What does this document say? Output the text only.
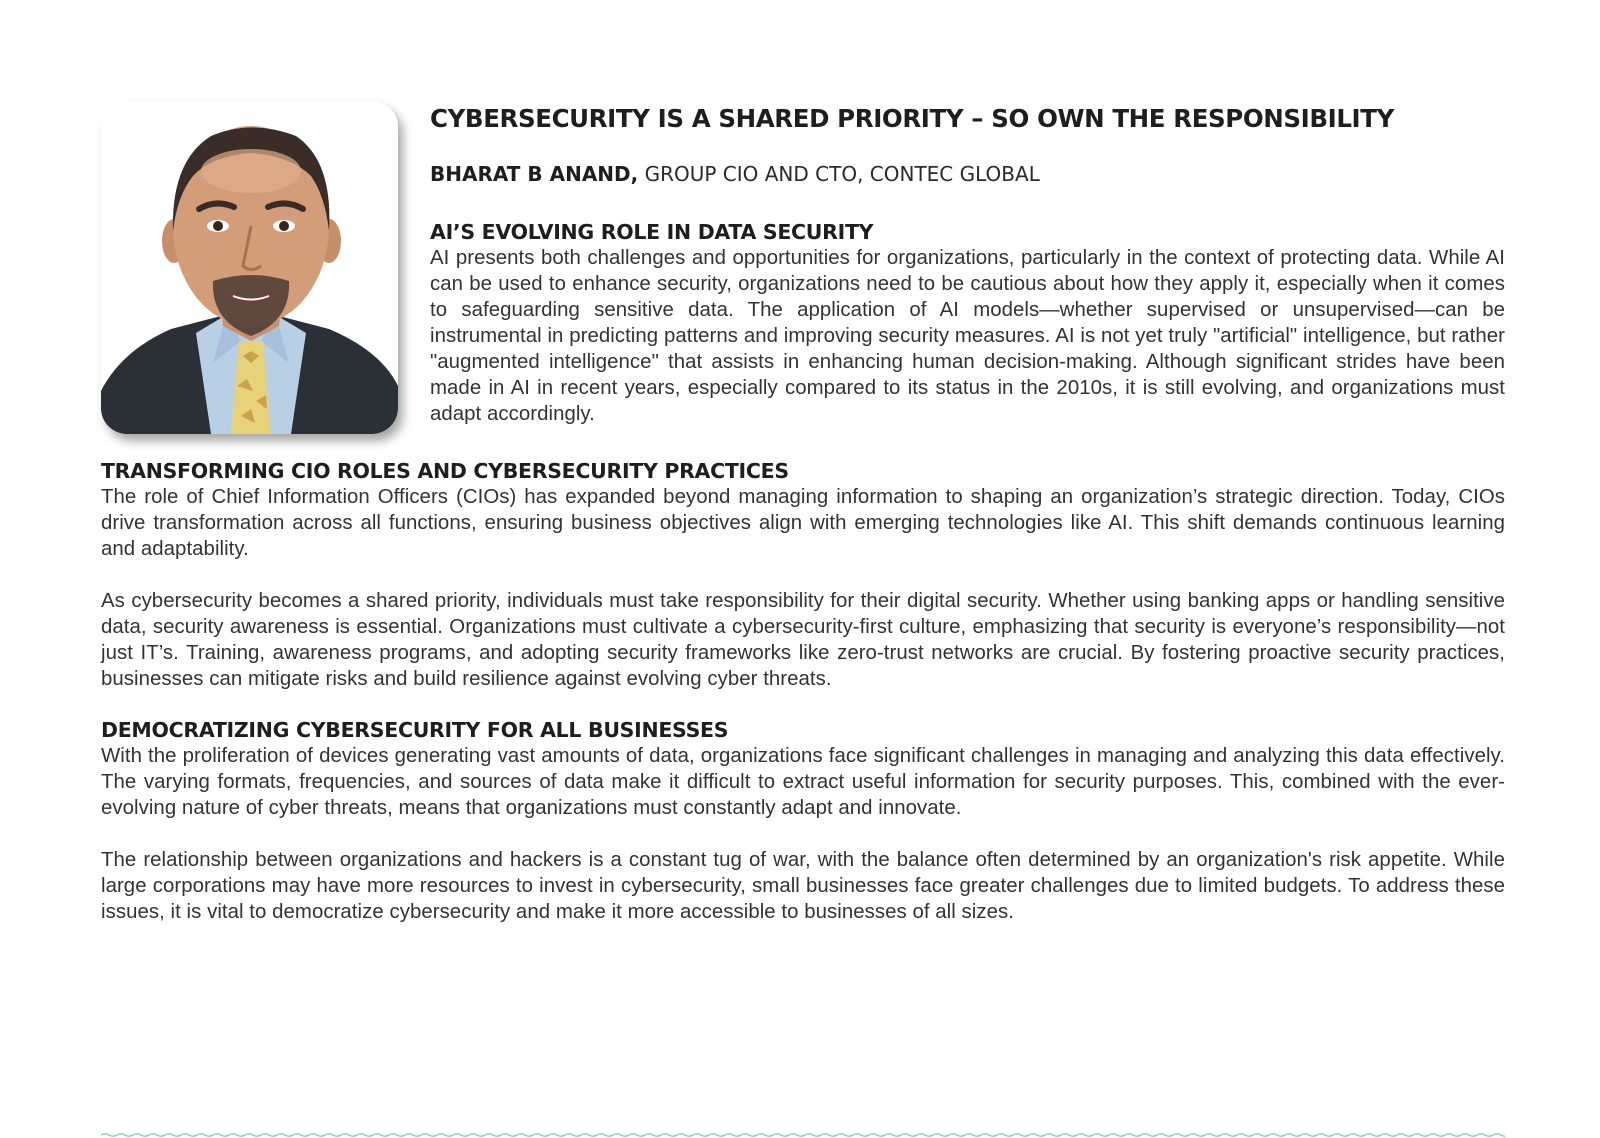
CYBERSECURITY IS A SHARED PRIORITY – SO OWN THE RESPONSIBILITY
BHARAT B ANAND, GROUP CIO AND CTO, CONTEC GLOBAL
AI’S EVOLVING ROLE IN DATA SECURITY

AI presents both challenges and opportunities for organizations, particularly in the context of protecting data. While AI can be used to enhance security, organizations need to be cautious about how they apply it, especially when it comes to safeguarding sensitive data. The application of AI models—whether supervised or unsupervised—can be instrumental in predicting patterns and improving security measures. AI is not yet truly "artificial" intelligence, but rather "augmented intelligence" that assists in enhancing human decision-making. Although significant strides have been made in AI in recent years, especially compared to its status in the 2010s, it is still evolving, and organizations must adapt accordingly.

TRANSFORMING CIO ROLES AND CYBERSECURITY PRACTICES

The role of Chief Information Officers (CIOs) has expanded beyond managing information to shaping an organization’s strategic direction. Today, CIOs drive transformation across all functions, ensuring business objectives align with emerging technologies like AI. This shift demands continuous learning and adaptability.

As cybersecurity becomes a shared priority, individuals must take responsibility for their digital security. Whether using banking apps or handling sensitive data, security awareness is essential. Organizations must cultivate a cybersecurity-first culture, emphasizing that security is everyone’s responsibility—not just IT’s. Training, awareness programs, and adopting security frameworks like zero-trust networks are crucial. By fostering proactive security practices, businesses can mitigate risks and build resilience against evolving cyber threats.

DEMOCRATIZING CYBERSECURITY FOR ALL BUSINESSES

With the proliferation of devices generating vast amounts of data, organizations face significant challenges in managing and analyzing this data effectively. The varying formats, frequencies, and sources of data make it difficult to extract useful information for security purposes. This, combined with the ever-evolving nature of cyber threats, means that organizations must constantly adapt and innovate.

The relationship between organizations and hackers is a constant tug of war, with the balance often determined by an organization's risk appetite. While large corporations may have more resources to invest in cybersecurity, small businesses face greater challenges due to limited budgets. To address these issues, it is vital to democratize cybersecurity and make it more accessible to businesses of all sizes.
